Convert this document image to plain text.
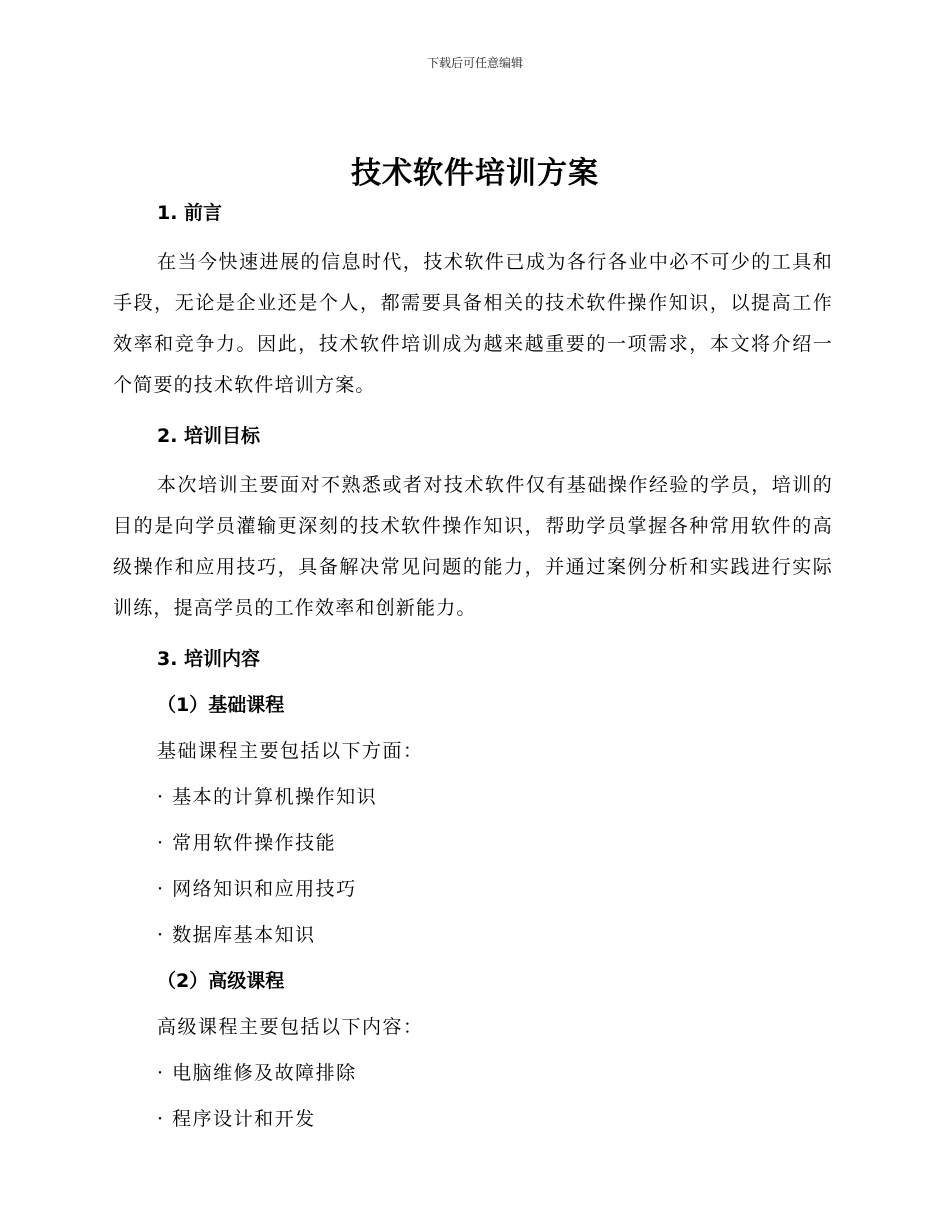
下载后可任意编辑
技术软件培训方案

1. 前言

在当今快速进展的信息时代，技术软件已成为各行各业中必不可少的工具和手段，无论是企业还是个人，都需要具备相关的技术软件操作知识，以提高工作效率和竞争力。因此，技术软件培训成为越来越重要的一项需求，本文将介绍一个简要的技术软件培训方案。

2. 培训目标

本次培训主要面对不熟悉或者对技术软件仅有基础操作经验的学员，培训的目的是向学员灌输更深刻的技术软件操作知识，帮助学员掌握各种常用软件的高级操作和应用技巧，具备解决常见问题的能力，并通过案例分析和实践进行实际训练，提高学员的工作效率和创新能力。

3. 培训内容

（1）基础课程

基础课程主要包括以下方面：

· 基本的计算机操作知识

· 常用软件操作技能

· 网络知识和应用技巧

· 数据库基本知识

（2）高级课程

高级课程主要包括以下内容：

· 电脑维修及故障排除

· 程序设计和开发
